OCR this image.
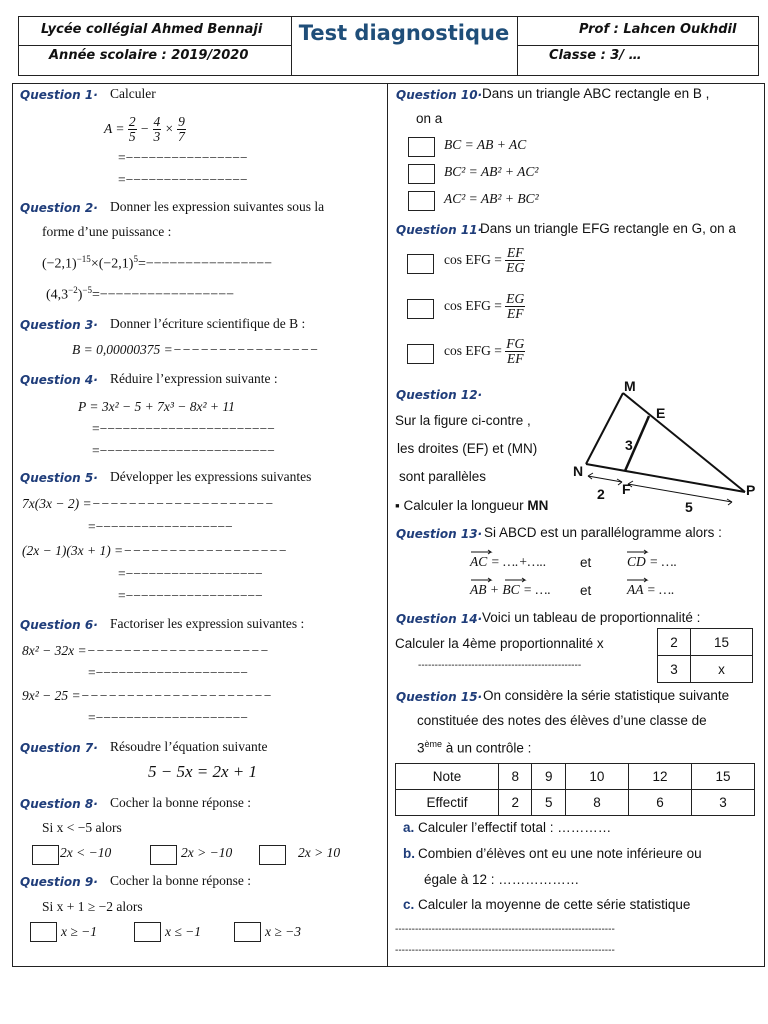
Lycée collégial Ahmed Bennaji
Année scolaire : 2019/2020
Test diagnostique	Prof : Lahcen Oukhdil
Classe : 3/ …
Question 1· Calculer
$A = \frac{2}{5} - \frac{4}{3} \times \frac{9}{7}$
=−−−−−−−−−−−−−−−−
=−−−−−−−−−−−−−−−−
Question 2· Donner les expression suivantes sous la
forme d’une puissance :
$(-2,1)^{-15}\times(-2,1)^5=----------------$
$(4,3^{-2})^{-5}=-----------------$
Question 3· Donner l’écriture scientifique de B :
B = 0,00000375 =−−−−−−−−−−−−−−−−
Question 4· Réduire l’expression suivante :
P = 3x² − 5 + 7x³ − 8x² + 11
=−−−−−−−−−−−−−−−−−−−−−−−
=−−−−−−−−−−−−−−−−−−−−−−−
Question 5· Développer les expressions suivantes
7x(3x − 2) =−−−−−−−−−−−−−−−−−−−−
=−−−−−−−−−−−−−−−−−−
(2x − 1)(3x + 1) =−−−−−−−−−−−−−−−−−−
=−−−−−−−−−−−−−−−−−−
=−−−−−−−−−−−−−−−−−−
Question 6· Factoriser les expression suivantes :
8x² − 32x =−−−−−−−−−−−−−−−−−−−−
=−−−−−−−−−−−−−−−−−−−−
9x² − 25 =−−−−−−−−−−−−−−−−−−−−−
=−−−−−−−−−−−−−−−−−−−−
Question 7· Résoudre l’équation suivante
5 − 5x = 2x + 1
Question 8· Cocher la bonne réponse :
Si x < −5 alors
2x < −10	2x > −10	2x > 10
Question 9· Cocher la bonne réponse :
Si x + 1 ≥ −2 alors
x ≥ −1	x ≤ −1	x ≥ −3
Question 10· Dans un triangle ABC rectangle en B ,
on a
BC = AB + AC
BC² = AB² + AC²
AC² = AB² + BC²
Question 11·
Dans un triangle EFG rectangle en G, on a
cos EFG = $\frac{EF}{EG}$
cos EFG = $\frac{EG}{EF}$
cos EFG = $\frac{FG}{EF}$
Question 12·
Sur la figure ci-contre ,
les droites (EF) et (MN)
sont parallèles
▪ Calculer la longueur MN
M
E
N
F	P
3
2
5
Question 13· Si ABCD est un parallélogramme alors :
AC = ….+….. et	CD = ….
AB + BC = …. et	AA = ….
Question 14· Voici un tableau de proportionnalité :
Calculer la 4ème proportionnalité x
-------------------------------------------------
2	15
3	x
Question 15· On considère la série statistique suivante
constituée des notes des élèves d’une classe de
3ème à un contrôle :
Note	8	9	10	12	15
Effectif	2	5	8	6	3
a. Calculer l’effectif total : …………
b. Combien d’élèves ont eu une note inférieure ou
égale à 12 : ………………
c. Calculer la moyenne de cette série statistique
------------------------------------------------------------------
------------------------------------------------------------------
